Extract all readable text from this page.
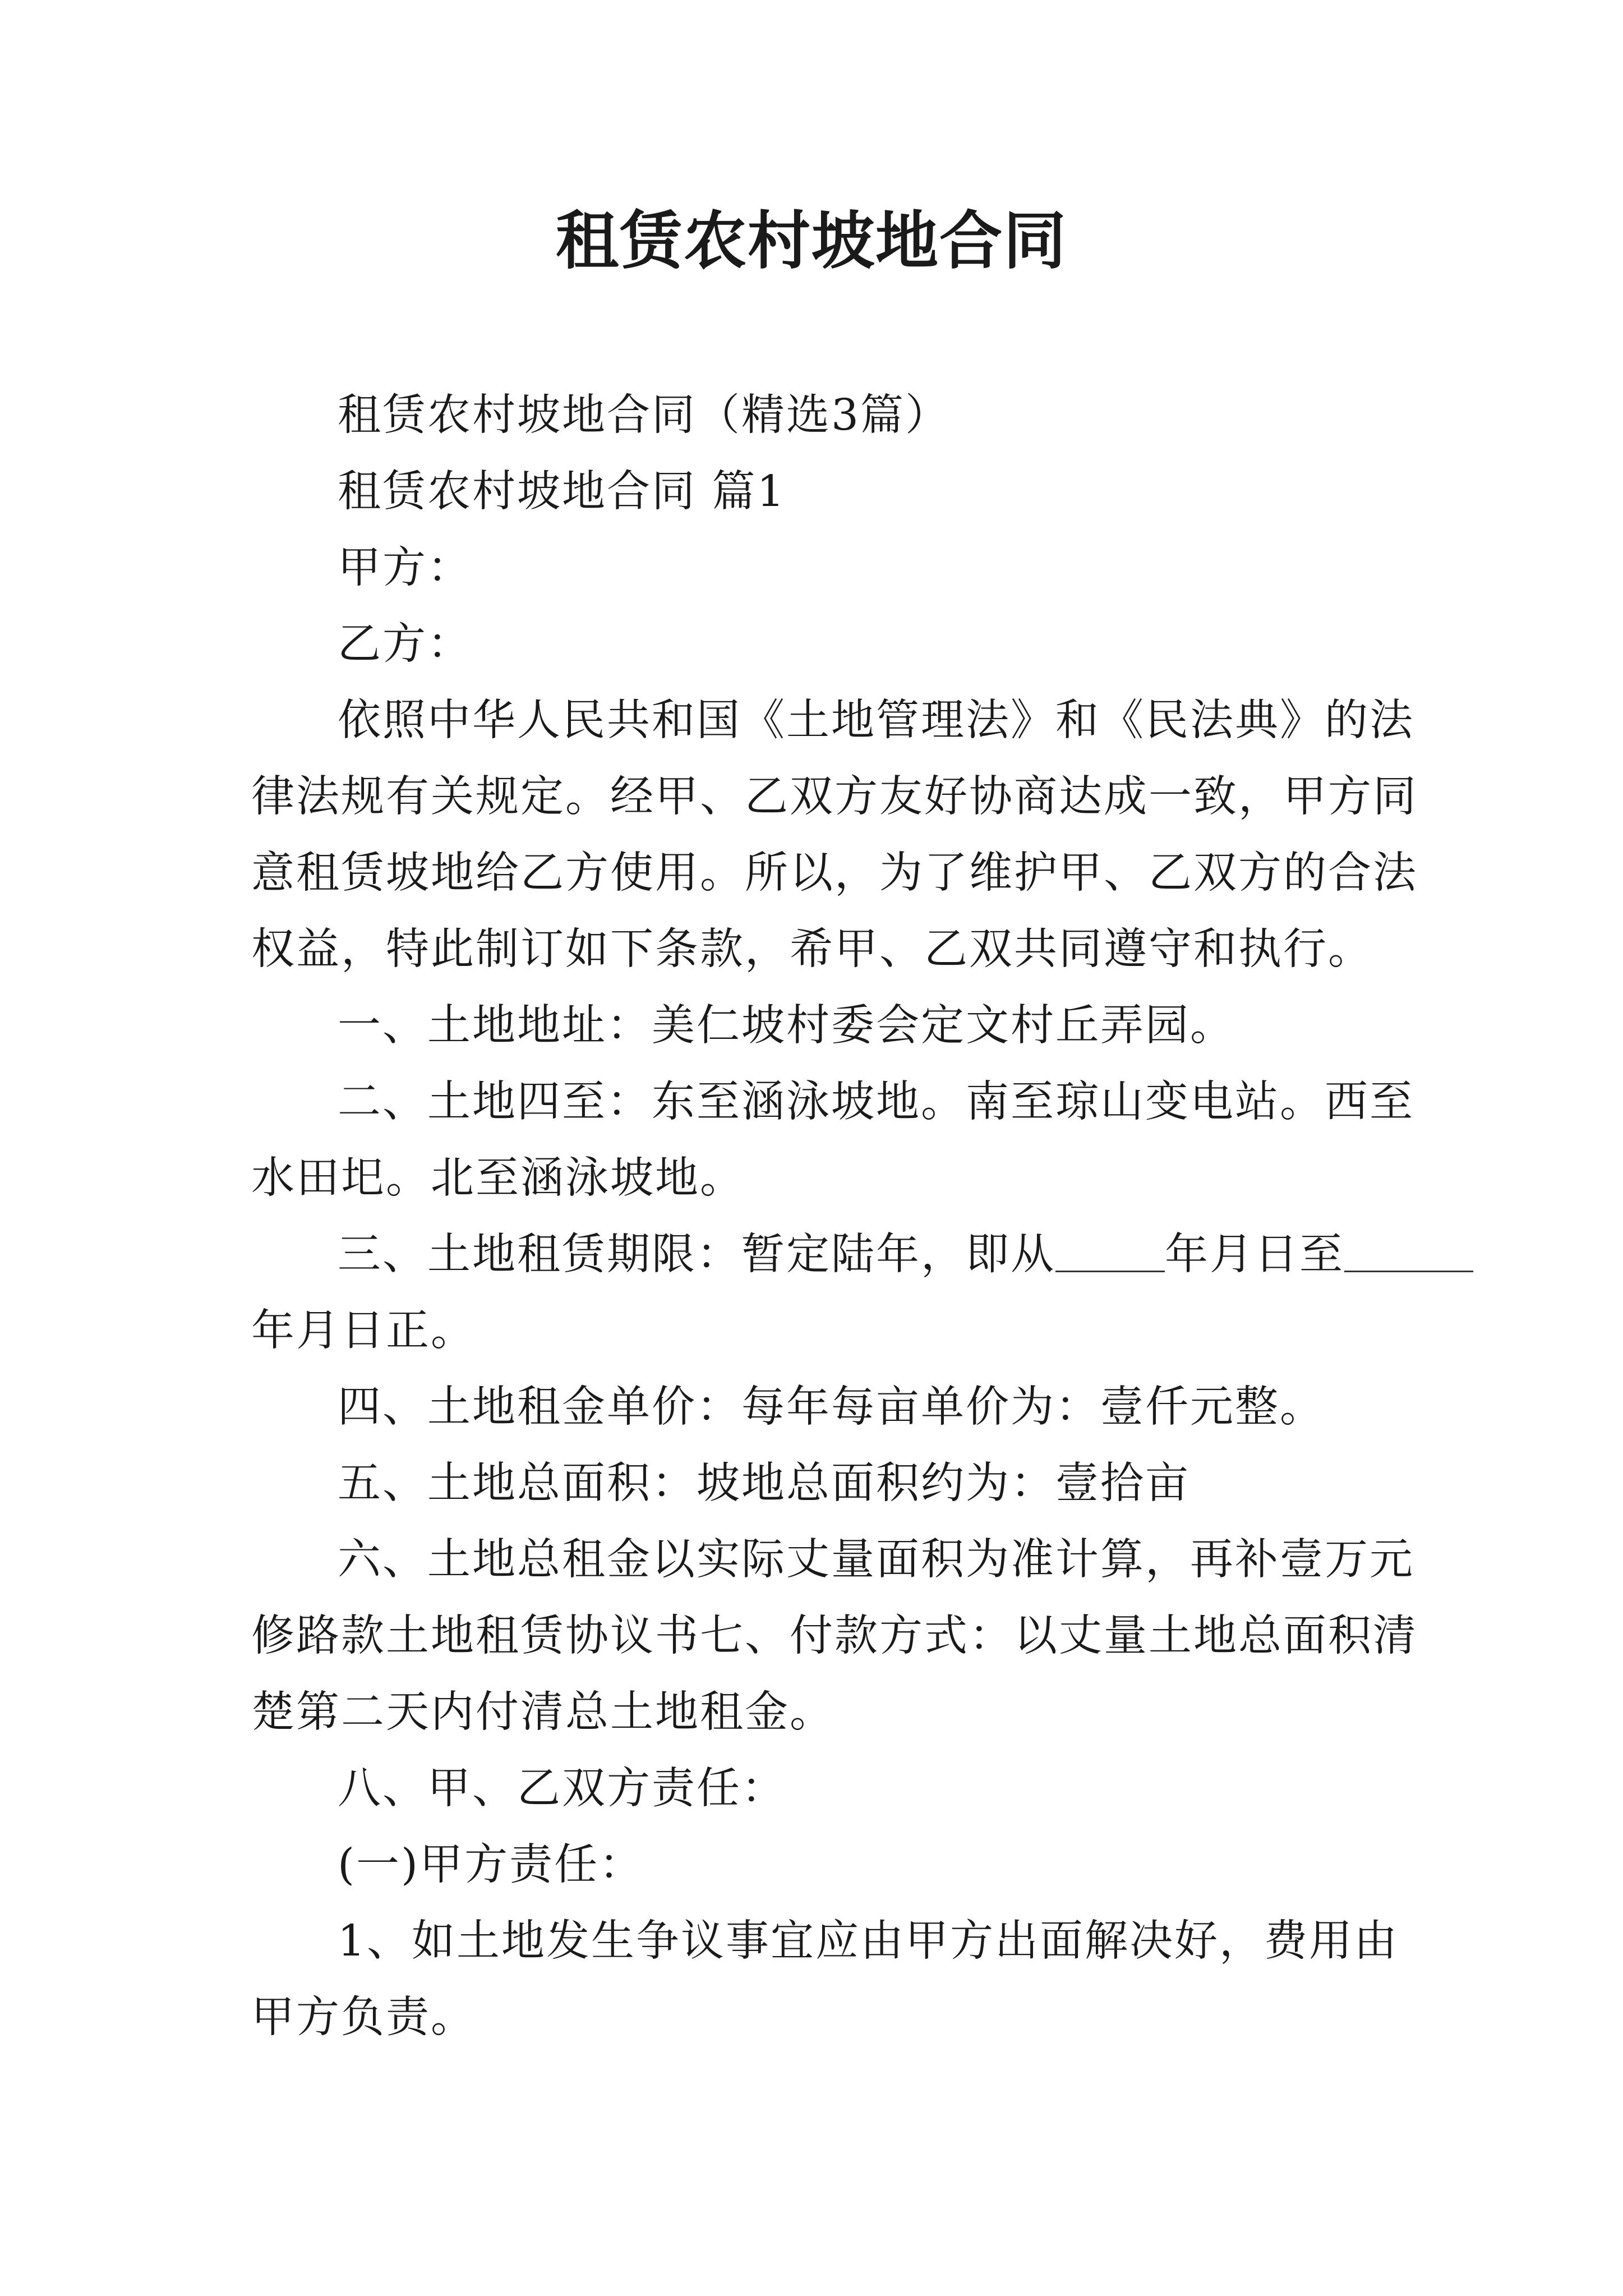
租赁农村坡地合同

租赁农村坡地合同（精选3篇）

租赁农村坡地合同 篇1

甲方：

乙方：

依照中华人民共和国《土地管理法》和《民法典》的法

律法规有关规定。经甲、乙双方友好协商达成一致，甲方同

意租赁坡地给乙方使用。所以，为了维护甲、乙双方的合法

权益，特此制订如下条款，希甲、乙双共同遵守和执行。

一、土地地址：美仁坡村委会定文村丘弄园。

二、土地四至：东至涵泳坡地。南至琼山变电站。西至

水田圯。北至涵泳坡地。

三、土地租赁期限：暂定陆年，即从	年月日至

年月日正。

四、土地租金单价：每年每亩单价为：壹仟元整。

五、土地总面积：坡地总面积约为：壹拾亩

六、土地总租金以实际丈量面积为准计算，再补壹万元

修路款土地租赁协议书七、付款方式：以丈量土地总面积清

楚第二天内付清总土地租金。

八、甲、乙双方责任：

(一)甲方责任：

1、如土地发生争议事宜应由甲方出面解决好，费用由

甲方负责。
